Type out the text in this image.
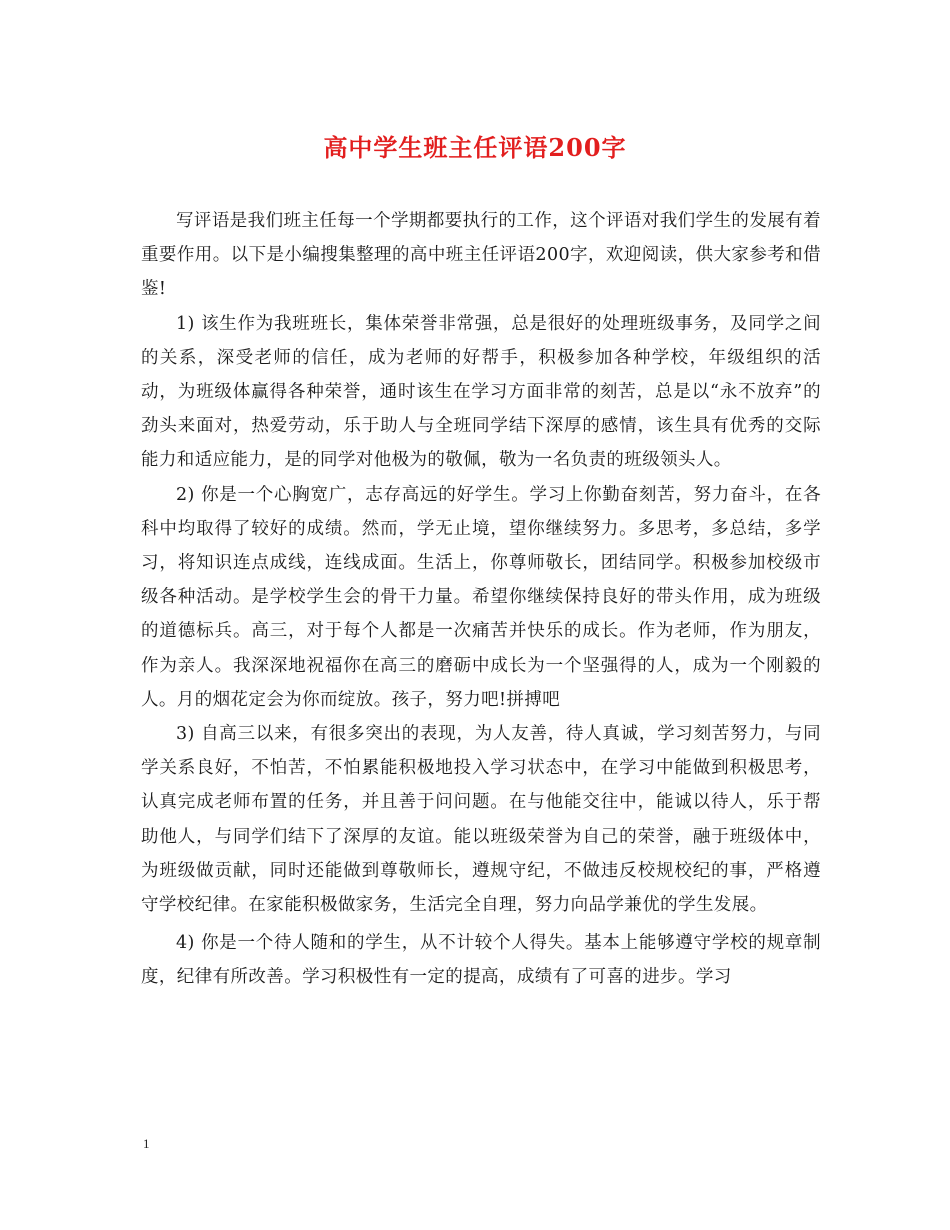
高中学生班主任评语200字

写评语是我们班主任每一个学期都要执行的工作，这个评语对我们学生的发展有着重要作用。以下是小编搜集整理的高中班主任评语200字，欢迎阅读，供大家参考和借鉴!

1) 该生作为我班班长，集体荣誉非常强，总是很好的处理班级事务，及同学之间的关系，深受老师的信任，成为老师的好帮手，积极参加各种学校，年级组织的活动，为班级体赢得各种荣誉，通时该生在学习方面非常的刻苦，总是以“永不放弃”的劲头来面对，热爱劳动，乐于助人与全班同学结下深厚的感情，该生具有优秀的交际能力和适应能力，是的同学对他极为的敬佩，敬为一名负责的班级领头人。

2) 你是一个心胸宽广，志存高远的好学生。学习上你勤奋刻苦，努力奋斗，在各科中均取得了较好的成绩。然而，学无止境，望你继续努力。多思考，多总结，多学习，将知识连点成线，连线成面。生活上，你尊师敬长，团结同学。积极参加校级市级各种活动。是学校学生会的骨干力量。希望你继续保持良好的带头作用，成为班级的道德标兵。高三，对于每个人都是一次痛苦并快乐的成长。作为老师，作为朋友，作为亲人。我深深地祝福你在高三的磨砺中成长为一个坚强得的人，成为一个刚毅的人。月的烟花定会为你而绽放。孩子，努力吧!拼搏吧

3) 自高三以来，有很多突出的表现，为人友善，待人真诚，学习刻苦努力，与同学关系良好，不怕苦，不怕累能积极地投入学习状态中，在学习中能做到积极思考，认真完成老师布置的任务，并且善于问问题。在与他能交往中，能诚以待人，乐于帮助他人，与同学们结下了深厚的友谊。能以班级荣誉为自己的荣誉，融于班级体中，为班级做贡献，同时还能做到尊敬师长，遵规守纪，不做违反校规校纪的事，严格遵守学校纪律。在家能积极做家务，生活完全自理，努力向品学兼优的学生发展。

4) 你是一个待人随和的学生，从不计较个人得失。基本上能够遵守学校的规章制度，纪律有所改善。学习积极性有一定的提高，成绩有了可喜的进步。学习

1
